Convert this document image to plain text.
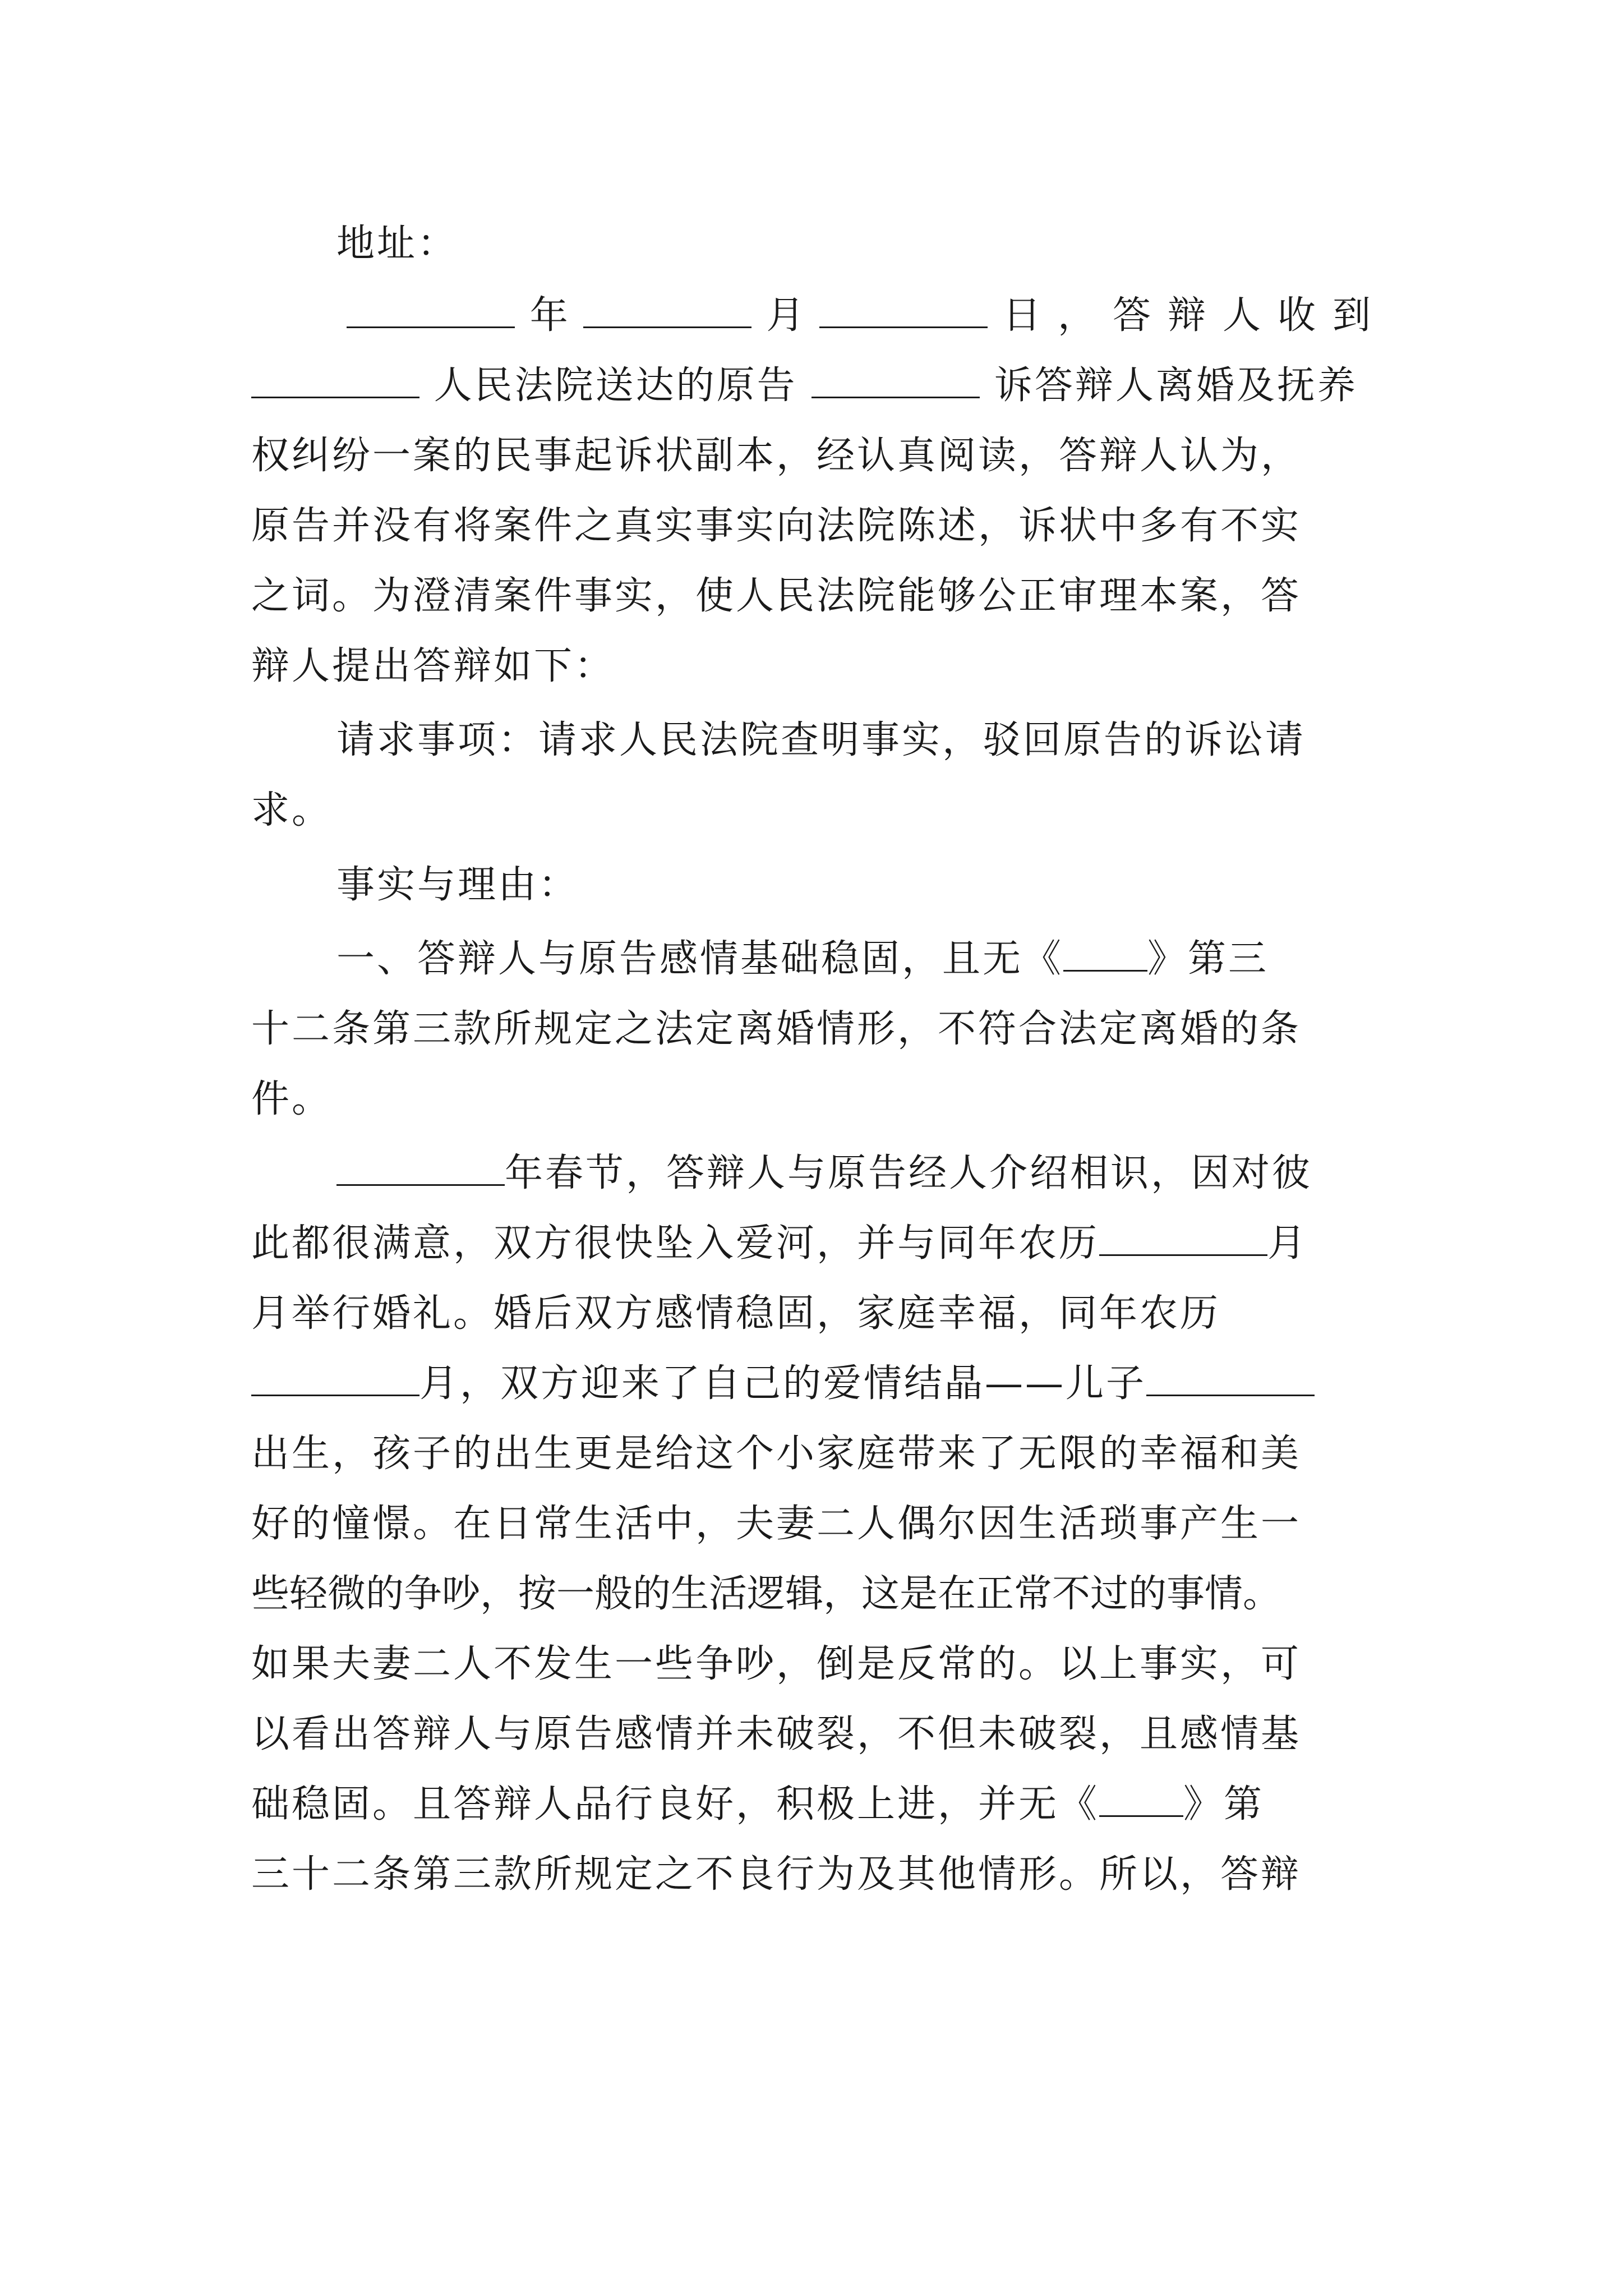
地址：
年	月	日，答辩人收到
人民法院送达的原告	诉答辩人离婚及抚养
权纠纷一案的民事起诉状副本，经认真阅读，答辩人认为，
原告并没有将案件之真实事实向法院陈述，诉状中多有不实
之词。为澄清案件事实，使人民法院能够公正审理本案，答
辩人提出答辩如下：
请求事项：请求人民法院查明事实，驳回原告的诉讼请
求。
事实与理由：
一、答辩人与原告感情基础稳固，且无《 》第三
十二条第三款所规定之法定离婚情形，不符合法定离婚的条
件。
年春节，答辩人与原告经人介绍相识，因对彼
此都很满意，双方很快坠入爱河，并与同年农历	月
月举行婚礼。婚后双方感情稳固，家庭幸福，同年农历
月，双方迎来了自己的爱情结晶——儿子
出生，孩子的出生更是给这个小家庭带来了无限的幸福和美
好的憧憬。在日常生活中，夫妻二人偶尔因生活琐事产生一
些轻微的争吵，按一般的生活逻辑，这是在正常不过的事情。
如果夫妻二人不发生一些争吵，倒是反常的。以上事实，可
以看出答辩人与原告感情并未破裂，不但未破裂，且感情基
础稳固。且答辩人品行良好，积极上进，并无《 》第
三十二条第三款所规定之不良行为及其他情形。所以，答辩
